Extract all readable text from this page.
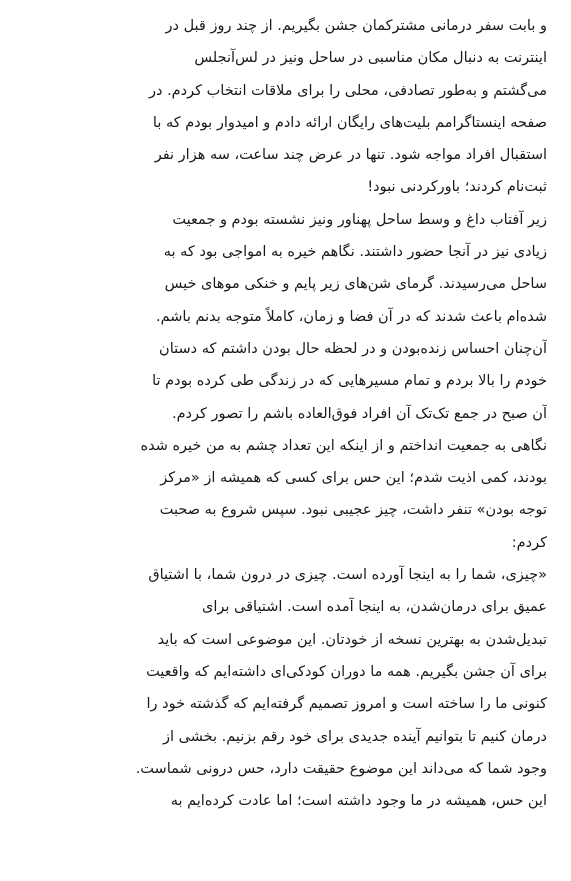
و بابت سفر درمانی مشترکمان جشن بگیریم. از چند روز قبل در
اینترنت به دنبال مکان مناسبی در ساحل ونیز در لس‌آنجلس
می‌گشتم و به‌طور تصادفی، محلی را برای ملاقات انتخاب کردم. در
صفحه اینستاگرامم بلیت‌های رایگان ارائه دادم و امیدوار بودم که با
استقبال افراد مواجه شود. تنها در عرض چند ساعت، سه هزار نفر
ثبت‌نام کردند؛ باورکردنی نبود!
زیر آفتاب داغ و وسط ساحل پهناور ونیز نشسته بودم و جمعیت
زیادی نیز در آنجا حضور داشتند. نگاهم خیره به امواجی بود که به
ساحل می‌رسیدند. گرمای شن‌های زیر پایم و خنکی موهای خیس
شده‌ام باعث شدند که در آن فضا و زمان، کاملاً متوجه بدنم باشم.
آن‌چنان احساس زنده‌بودن و در لحظه حال بودن داشتم که دستان
خودم را بالا بردم و تمام مسیرهایی که در زندگی طی کرده بودم تا
آن صبح در جمع تک‌تک آن افراد فوق‌العاده باشم را تصور کردم.
نگاهی به جمعیت انداختم و از اینکه این تعداد چشم به من خیره شده
بودند، کمی اذیت شدم؛ این حس برای کسی که همیشه از «مرکز
توجه بودن» تنفر داشت، چیز عجیبی نبود. سپس شروع به صحبت
کردم:
«چیزی، شما را به اینجا آورده است. چیزی در درون شما، با اشتیاق
عمیق برای درمان‌شدن، به اینجا آمده است. اشتیاقی برای
تبدیل‌شدن به بهترین نسخه از خودتان. این موضوعی است که باید
برای آن جشن بگیریم. همه ما دوران کودکی‌ای داشته‌ایم که واقعیت
کنونی ما را ساخته است و امروز تصمیم گرفته‌ایم که گذشته خود را
درمان کنیم تا بتوانیم آینده جدیدی برای خود رقم بزنیم. بخشی از
وجود شما که می‌داند این موضوع حقیقت دارد، حس درونی شماست.
این حس، همیشه در ما وجود داشته است؛ اما عادت کرده‌ایم به
